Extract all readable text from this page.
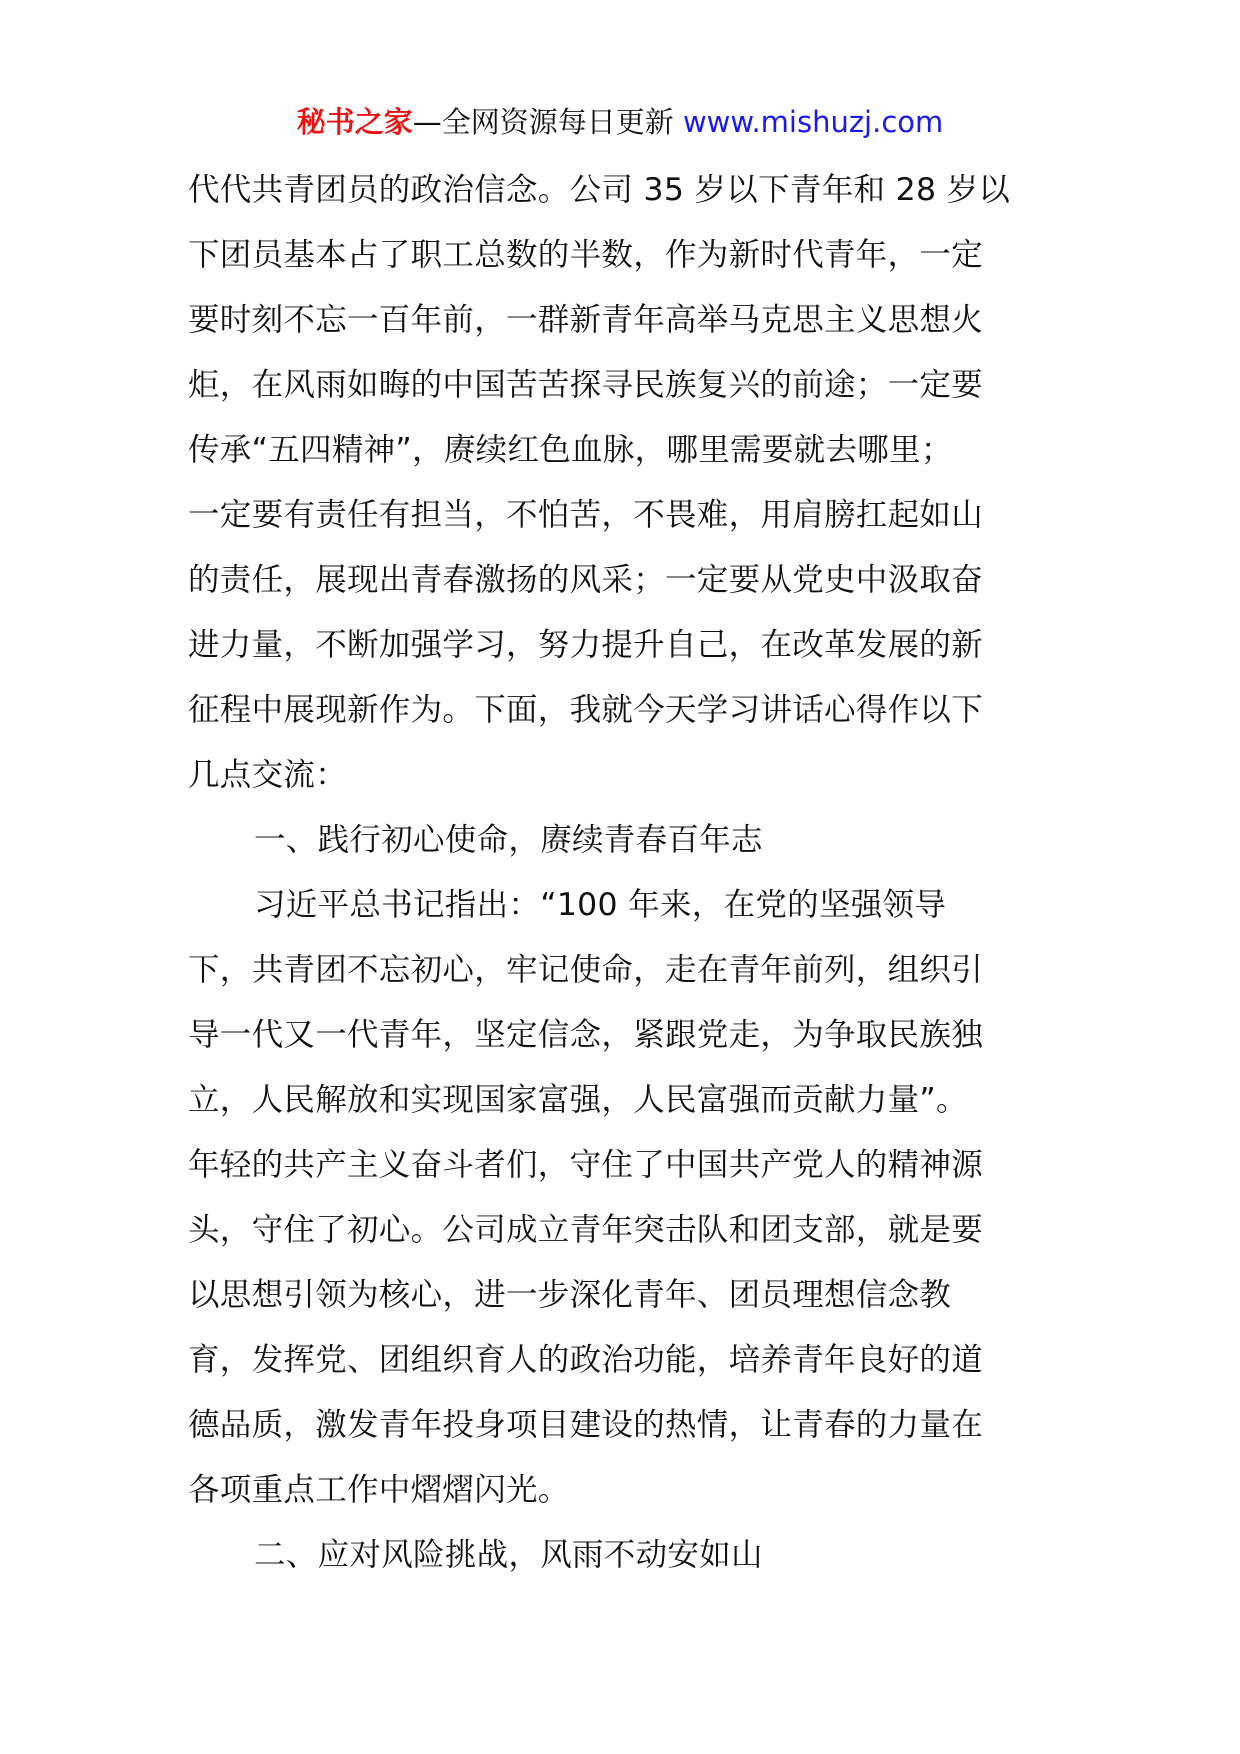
秘书之家—全网资源每日更新 www.mishuzj.com
代代共青团员的政治信念。公司 35 岁以下青年和 28 岁以
下团员基本占了职工总数的半数，作为新时代青年，一定
要时刻不忘一百年前，一群新青年高举马克思主义思想火
炬，在风雨如晦的中国苦苦探寻民族复兴的前途；一定要
传承“五四精神”，赓续红色血脉，哪里需要就去哪里；
一定要有责任有担当，不怕苦，不畏难，用肩膀扛起如山
的责任，展现出青春激扬的风采；一定要从党史中汲取奋
进力量，不断加强学习，努力提升自己，在改革发展的新
征程中展现新作为。下面，我就今天学习讲话心得作以下
几点交流：
一、践行初心使命，赓续青春百年志
习近平总书记指出：“100 年来，在党的坚强领导
下，共青团不忘初心，牢记使命，走在青年前列，组织引
导一代又一代青年，坚定信念，紧跟党走，为争取民族独
立，人民解放和实现国家富强，人民富强而贡献力量”。
年轻的共产主义奋斗者们，守住了中国共产党人的精神源
头，守住了初心。公司成立青年突击队和团支部，就是要
以思想引领为核心，进一步深化青年、团员理想信念教
育，发挥党、团组织育人的政治功能，培养青年良好的道
德品质，激发青年投身项目建设的热情，让青春的力量在
各项重点工作中熠熠闪光。
二、应对风险挑战，风雨不动安如山
